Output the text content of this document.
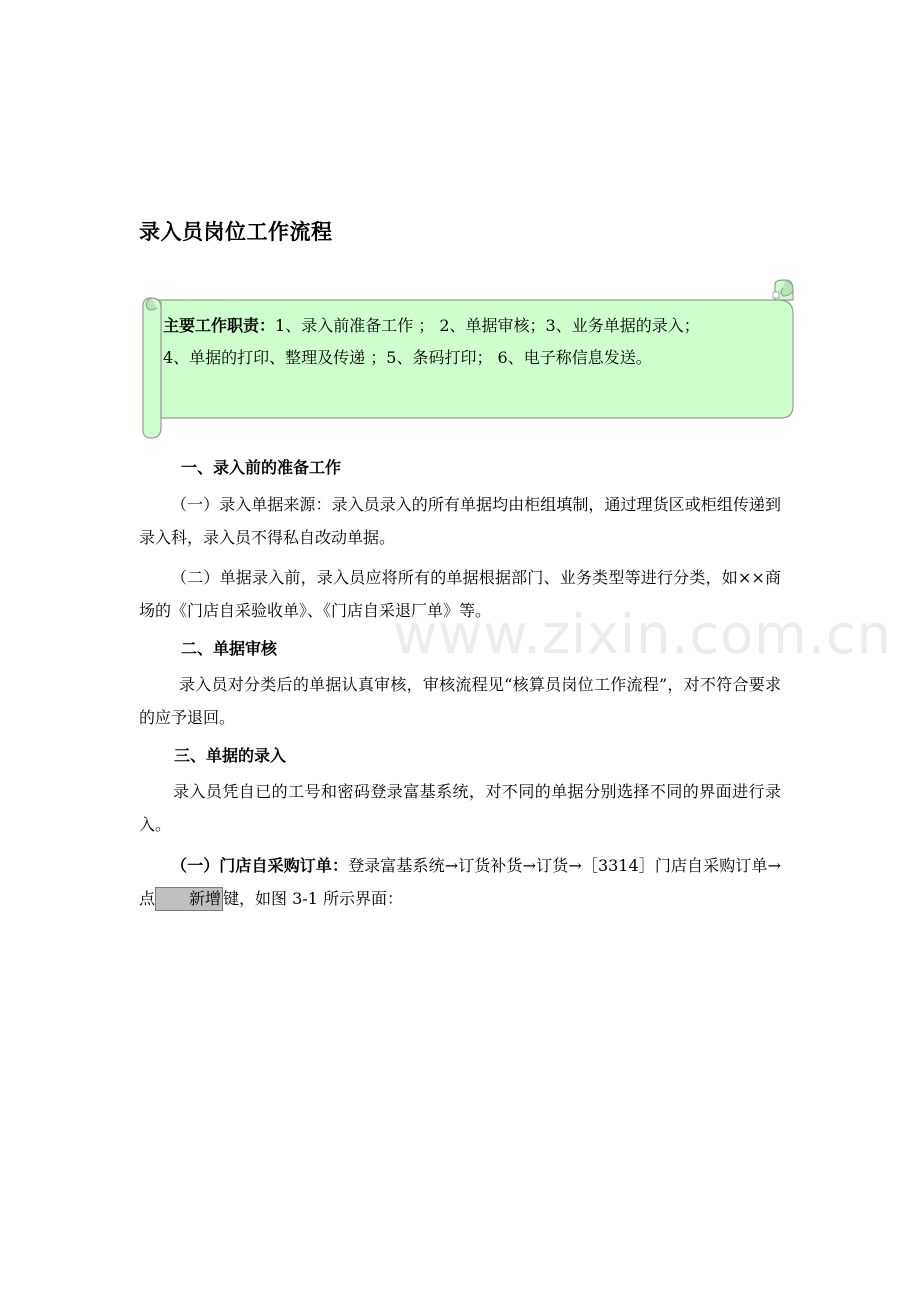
录入员岗位工作流程
主要工作职责：1、录入前准备工作 ； 2、单据审核；3、业务单据的录入；
4、单据的打印、整理及传递 ；5、条码打印； 6、电子称信息发送。
一、录入前的准备工作
（一）录入单据来源：录入员录入的所有单据均由柜组填制，通过理货区或柜组传递到录入科，录入员不得私自改动单据。
（二）单据录入前，录入员应将所有的单据根据部门、业务类型等进行分类，如××商场的《门店自采验收单》、《门店自采退厂单》等。
二、单据审核
录入员对分类后的单据认真审核，审核流程见“核算员岗位工作流程”，对不符合要求的应予退回。
三、单据的录入
录入员凭自已的工号和密码登录富基系统，对不同的单据分别选择不同的界面进行录入。
（一）门店自采购订单：登录富基系统→订货补货→订货→［3314］门店自采购订单→点 新增 键，如图 3-1 所示界面：
www.zixin.com.cn
